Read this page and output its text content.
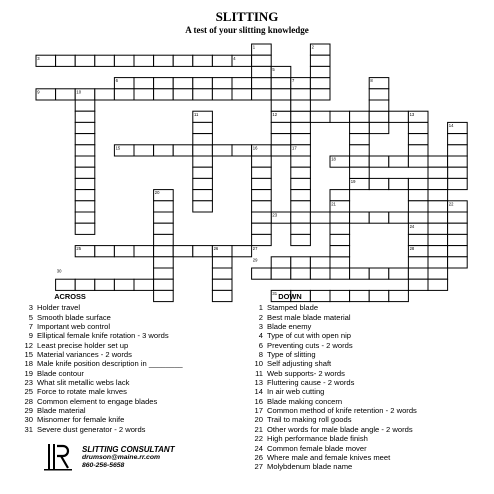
SLITTING
A test of your slitting knowledge
1	2
3	4
5
6	7	8
9	10
11	12	13
14
15	16	17
18
19
20
21	22
23
24
25	26	27	28
29
30
31
ACROSS
3 Holder travel
5 Smooth blade surface
7 Important web control
9 Elliptical female knife rotation - 3 words
12 Least precise holder set up
15 Material variances - 2 words
18 Male knife position description in ________
19 Blade contour
23 What slit metallic webs lack
25 Force to rotate male knves
28 Common element to engage blades
29 Blade material
30 Misnomer for female knife
31 Severe dust generator - 2 words
DOWN
1 Stamped blade
2 Best male blade material
3 Blade enemy
4 Type of cut with open nip
6 Preventing cuts - 2 words
8 Type of slitting
10 Self adjusting shaft
11 Web supports- 2 words
13 Fluttering cause - 2 words
14 In air web cutting
16 Blade making concern
17 Common method of knife retention - 2 words
20 Trail to making roll goods
21 Other words for male blade angle - 2 words
22 High performance blade finish
24 Common female blade mover
26 Where male and female knives meet
27 Molybdenum blade name
SLITTING CONSULTANT
drumson@maine.rr.com
860-256-5658
